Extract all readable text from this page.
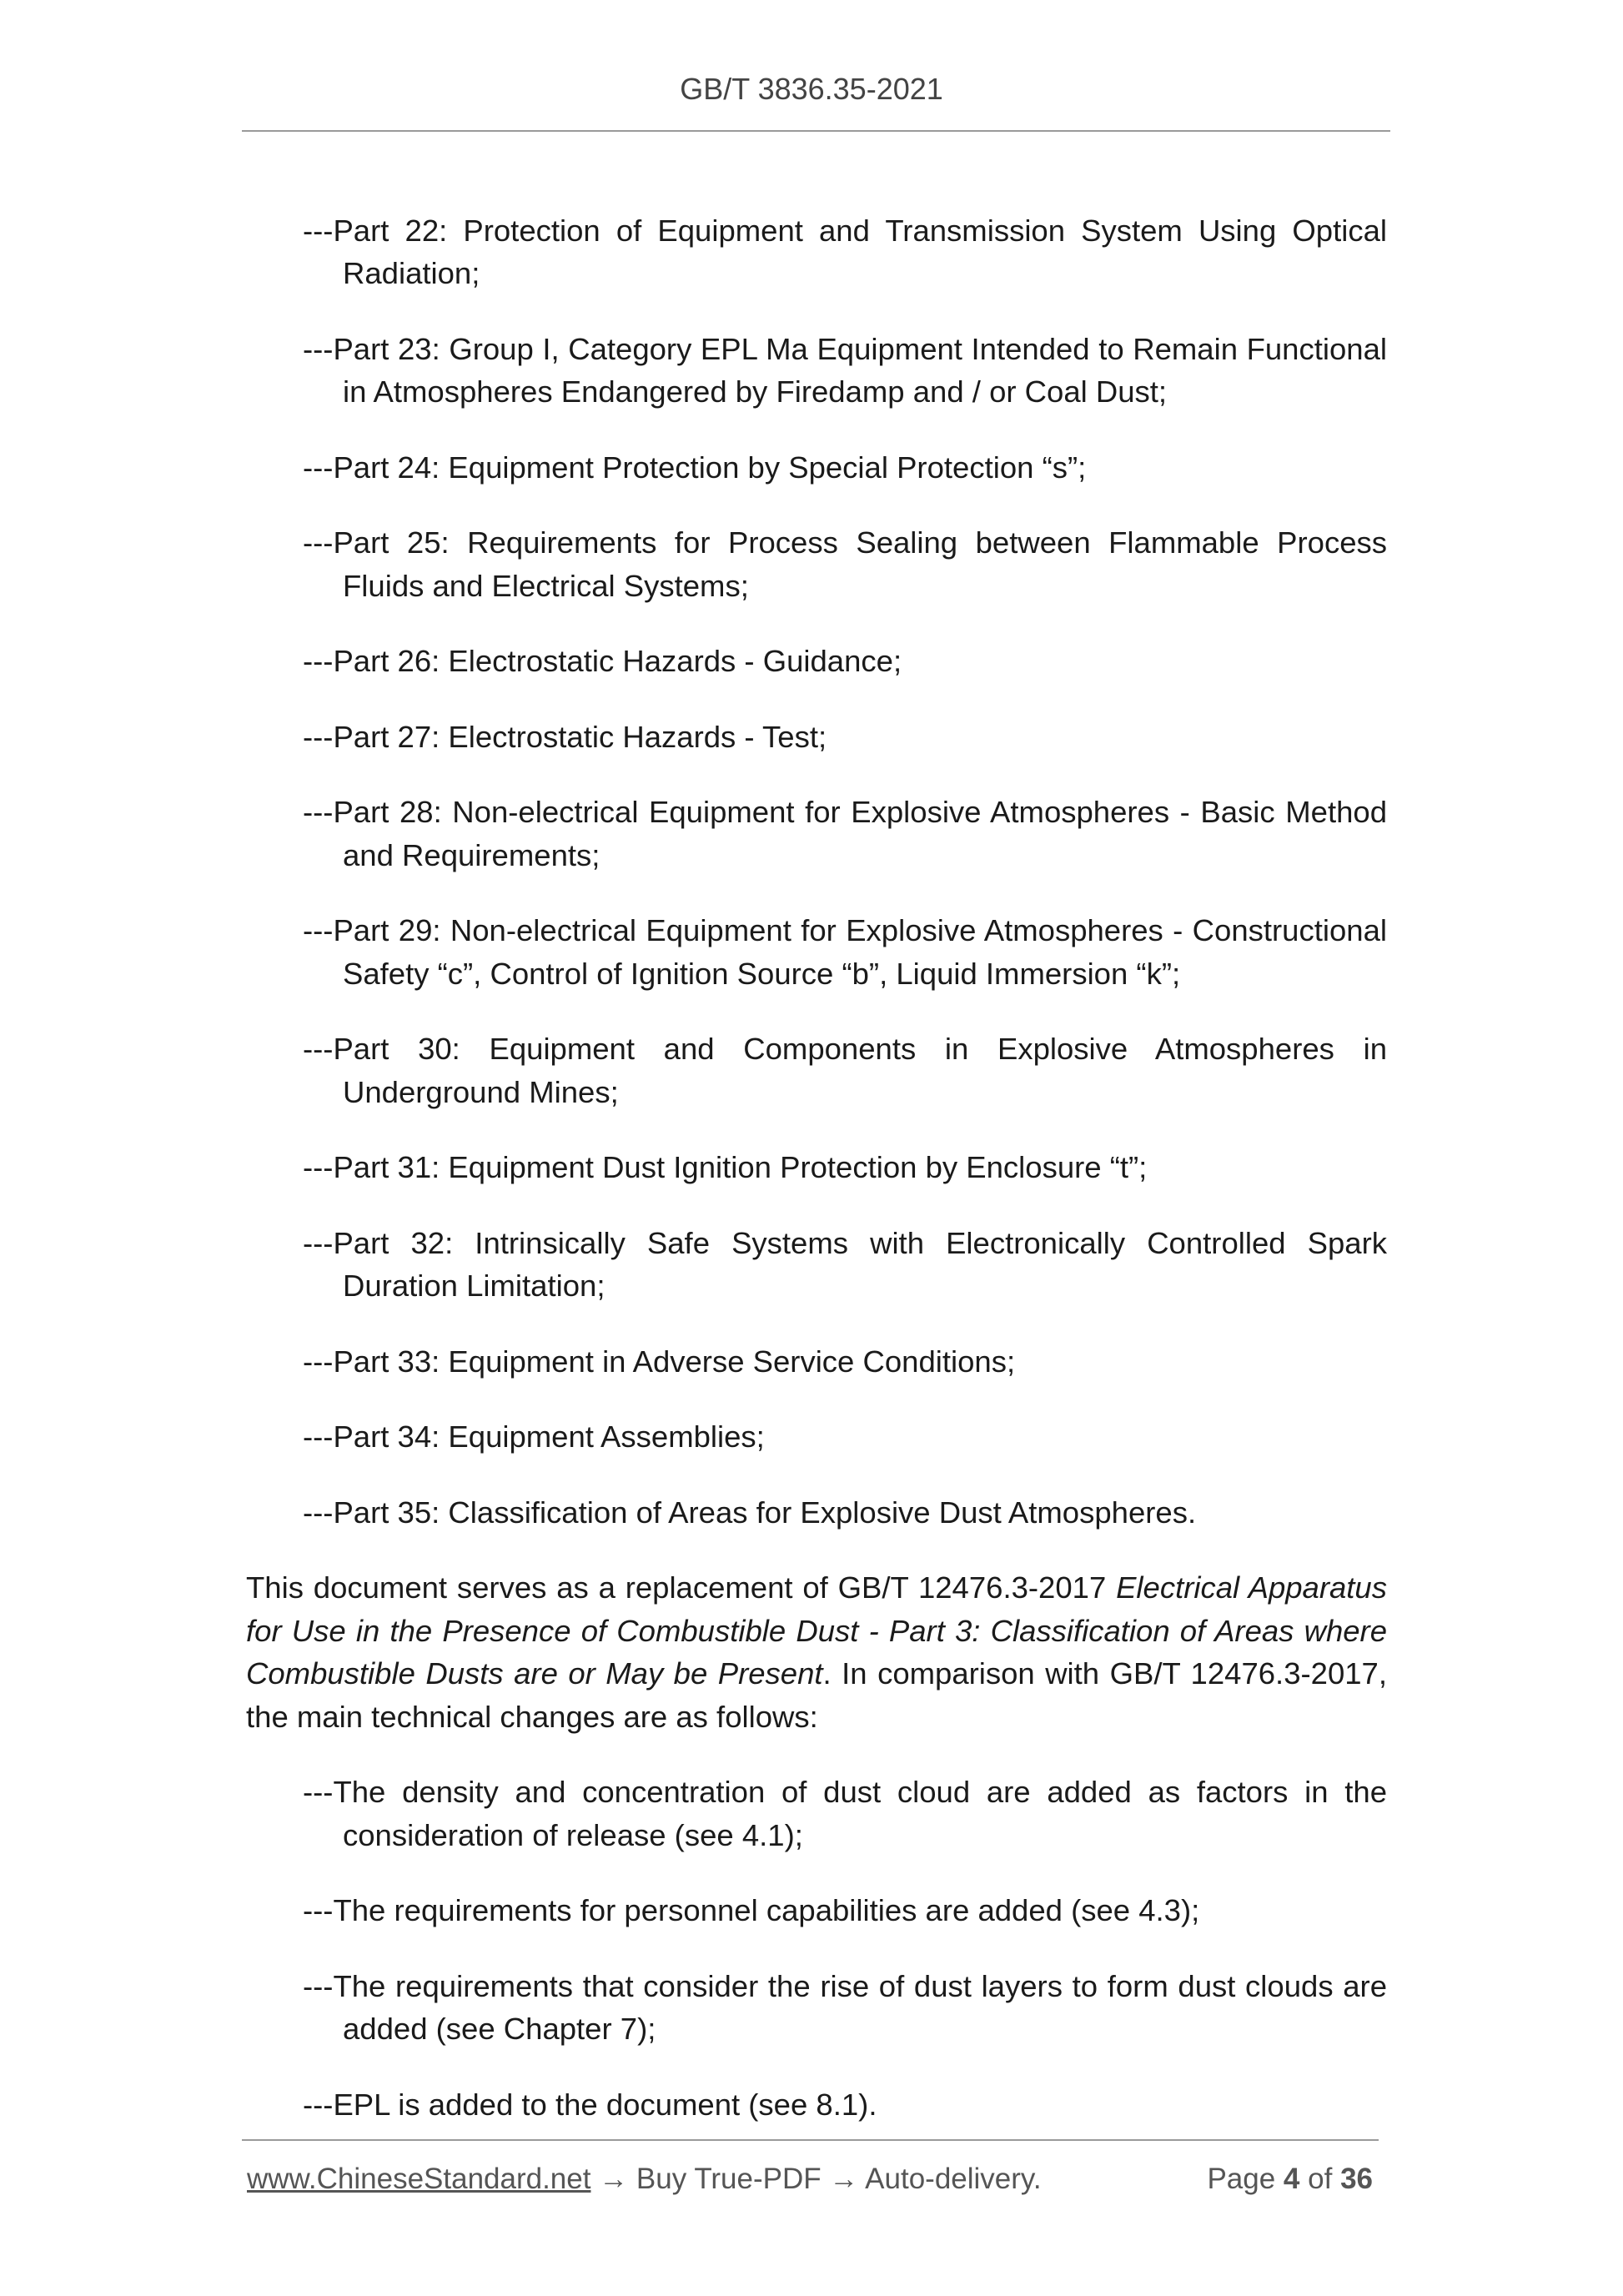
GB/T 3836.35-2021

---Part 22: Protection of Equipment and Transmission System Using Optical Radiation;

---Part 23: Group I, Category EPL Ma Equipment Intended to Remain Functional in Atmospheres Endangered by Firedamp and / or Coal Dust;

---Part 24: Equipment Protection by Special Protection “s”;

---Part 25: Requirements for Process Sealing between Flammable Process Fluids and Electrical Systems;

---Part 26: Electrostatic Hazards - Guidance;

---Part 27: Electrostatic Hazards - Test;

---Part 28: Non-electrical Equipment for Explosive Atmospheres - Basic Method and Requirements;

---Part 29: Non-electrical Equipment for Explosive Atmospheres - Constructional Safety “c”, Control of Ignition Source “b”, Liquid Immersion “k”;

---Part 30: Equipment and Components in Explosive Atmospheres in Underground Mines;

---Part 31: Equipment Dust Ignition Protection by Enclosure “t”;

---Part 32: Intrinsically Safe Systems with Electronically Controlled Spark Duration Limitation;

---Part 33: Equipment in Adverse Service Conditions;

---Part 34: Equipment Assemblies;

---Part 35: Classification of Areas for Explosive Dust Atmospheres.

This document serves as a replacement of GB/T 12476.3-2017 Electrical Apparatus for Use in the Presence of Combustible Dust - Part 3: Classification of Areas where Combustible Dusts are or May be Present. In comparison with GB/T 12476.3-2017, the main technical changes are as follows:

---The density and concentration of dust cloud are added as factors in the consideration of release (see 4.1);

---The requirements for personnel capabilities are added (see 4.3);

---The requirements that consider the rise of dust layers to form dust clouds are added (see Chapter 7);

---EPL is added to the document (see 8.1).

www.ChineseStandard.net → Buy True-PDF → Auto-delivery.	Page 4 of 36
